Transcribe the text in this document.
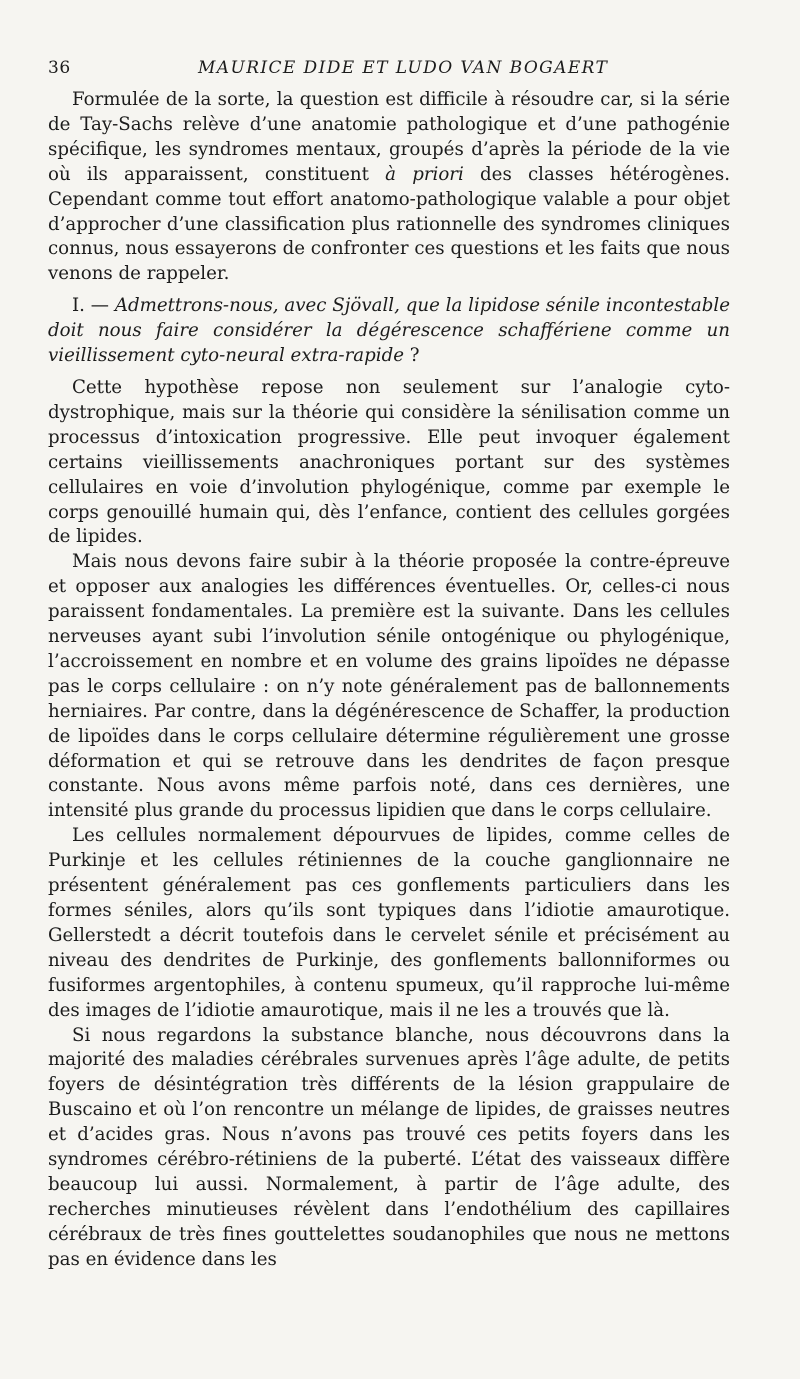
36	MAURICE DIDE ET LUDO VAN BOGAERT

Formulée de la sorte, la question est difficile à résoudre car, si la série de Tay-Sachs relève d’une anatomie pathologique et d’une pathogénie spécifique, les syndromes mentaux, groupés d’après la période de la vie où ils apparaissent, constituent à priori des classes hétérogènes. Cependant comme tout effort anatomo-pathologique valable a pour objet d’approcher d’une classification plus rationnelle des syndromes cliniques connus, nous essayerons de confronter ces questions et les faits que nous venons de rappeler.

I. — Admettrons-nous, avec Sjövall, que la lipidose sénile incontestable doit nous faire considérer la dégérescence schaffériene comme un vieillissement cyto-neural extra-rapide ?

Cette hypothèse repose non seulement sur l’analogie cyto-dystrophique, mais sur la théorie qui considère la sénilisation comme un processus d’intoxication progressive. Elle peut invoquer également certains vieillissements anachroniques portant sur des systèmes cellulaires en voie d’involution phylogénique, comme par exemple le corps genouillé humain qui, dès l’enfance, contient des cellules gorgées de lipides.

Mais nous devons faire subir à la théorie proposée la contre-épreuve et opposer aux analogies les différences éventuelles. Or, celles-ci nous paraissent fondamentales. La première est la suivante. Dans les cellules nerveuses ayant subi l’involution sénile ontogénique ou phylogénique, l’accroissement en nombre et en volume des grains lipoïdes ne dépasse pas le corps cellulaire : on n’y note généralement pas de ballonnements herniaires. Par contre, dans la dégénérescence de Schaffer, la production de lipoïdes dans le corps cellulaire détermine régulièrement une grosse déformation et qui se retrouve dans les dendrites de façon presque constante. Nous avons même parfois noté, dans ces dernières, une intensité plus grande du processus lipidien que dans le corps cellulaire.

Les cellules normalement dépourvues de lipides, comme celles de Purkinje et les cellules rétiniennes de la couche ganglionnaire ne présentent généralement pas ces gonflements particuliers dans les formes séniles, alors qu’ils sont typiques dans l’idiotie amaurotique. Gellerstedt a décrit toutefois dans le cervelet sénile et précisément au niveau des dendrites de Purkinje, des gonflements ballonniformes ou fusiformes argentophiles, à contenu spumeux, qu’il rapproche lui-même des images de l’idiotie amaurotique, mais il ne les a trouvés que là.

Si nous regardons la substance blanche, nous découvrons dans la majorité des maladies cérébrales survenues après l’âge adulte, de petits foyers de désintégration très différents de la lésion grappulaire de Buscaino et où l’on rencontre un mélange de lipides, de graisses neutres et d’acides gras. Nous n’avons pas trouvé ces petits foyers dans les syndromes cérébro-rétiniens de la puberté. L’état des vaisseaux diffère beaucoup lui aussi. Normalement, à partir de l’âge adulte, des recherches minutieuses révèlent dans l’endothélium des capillaires cérébraux de très fines gouttelettes soudanophiles que nous ne mettons pas en évidence dans les
